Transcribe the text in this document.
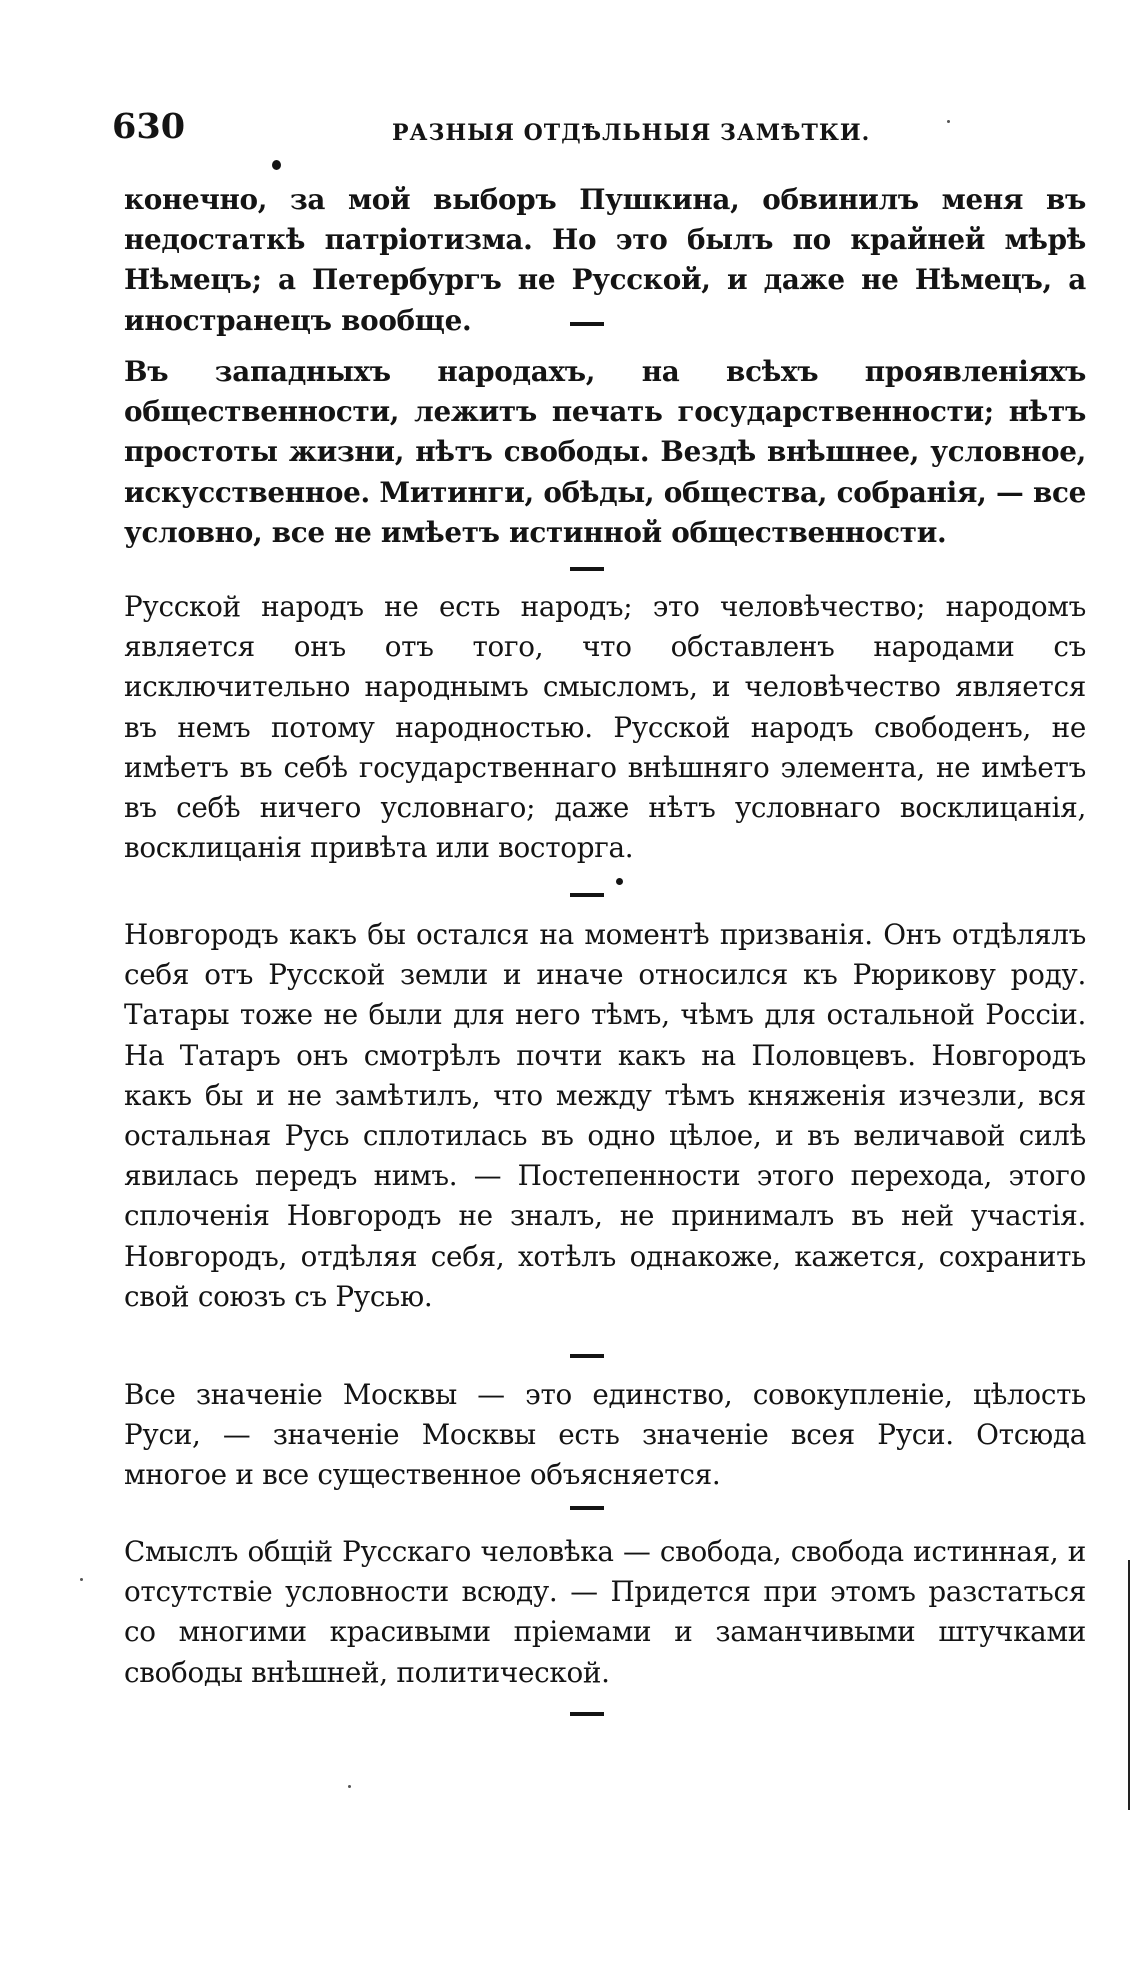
630	РАЗНЫЯ ОТДѢЛЬНЫЯ ЗАМѢТКИ.

конечно, за мой выборъ Пушкина, обвинилъ меня въ недостаткѣ патріотизма. Но это былъ по крайней мѣрѣ Нѣмецъ; а Петербургъ не Русской, и даже не Нѣмецъ, а иностранецъ вообще.

Въ западныхъ народахъ, на всѣхъ проявленіяхъ общественности, лежитъ печать государственности; нѣтъ простоты жизни, нѣтъ свободы. Вездѣ внѣшнее, условное, искусственное. Митинги, обѣды, общества, собранія, — все условно, все не имѣетъ истинной общественности.

Русской народъ не есть народъ; это человѣчество; народомъ является онъ отъ того, что обставленъ народами съ исключительно народнымъ смысломъ, и человѣчество является въ немъ потому народностью. Русской народъ свободенъ, не имѣетъ въ себѣ государственнаго внѣшняго элемента, не имѣетъ въ себѣ ничего условнаго; даже нѣтъ условнаго восклицанія, восклицанія привѣта или восторга.

Новгородъ какъ бы остался на моментѣ призванія. Онъ отдѣлялъ себя отъ Русской земли и иначе относился къ Рюрикову роду. Татары тоже не были для него тѣмъ, чѣмъ для остальной Россіи. На Татаръ онъ смотрѣлъ почти какъ на Половцевъ. Новгородъ какъ бы и не замѣтилъ, что между тѣмъ княженія изчезли, вся остальная Русь сплотилась въ одно цѣлое, и въ величавой силѣ явилась передъ нимъ. — Постепенности этого перехода, этого сплоченія Новгородъ не зналъ, не принималъ въ ней участія. Новгородъ, отдѣляя себя, хотѣлъ однакоже, кажется, сохранить свой союзъ съ Русью.

Все значеніе Москвы — это единство, совокупленіе, цѣлость Руси, — значеніе Москвы есть значеніе всея Руси. Отсюда многое и все существенное объясняется.

Смыслъ общій Русскаго человѣка — свобода, свобода истинная, и отсутствіе условности всюду. — Придется при этомъ разстаться со многими красивыми пріемами и заманчивыми штучками свободы внѣшней, политической.
